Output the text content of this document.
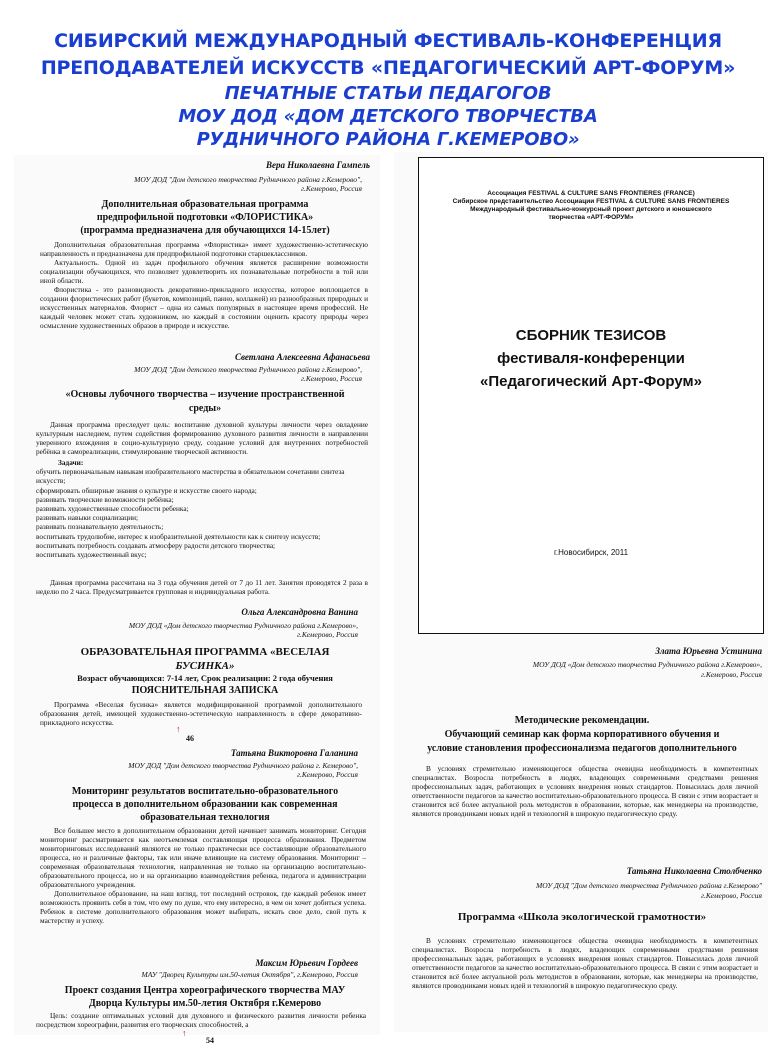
СИБИРСКИЙ МЕЖДУНАРОДНЫЙ ФЕСТИВАЛЬ-КОНФЕРЕНЦИЯ
ПРЕПОДАВАТЕЛЕЙ ИСКУССТВ «ПЕДАГОГИЧЕСКИЙ АРТ-ФОРУМ»
ПЕЧАТНЫЕ СТАТЬИ ПЕДАГОГОВ
МОУ ДОД «ДОМ ДЕТСКОГО ТВОРЧЕСТВА
РУДНИЧНОГО РАЙОНА Г.КЕМЕРОВО»
Вера Николаевна Гампель
МОУ ДОД "Дом детского творчества Рудничного района г.Кемерово",
г.Кемерово, Россия
Дополнительная образовательная программа
предпрофильной подготовки «ФЛОРИСТИКА»
(программа предназначена для обучающихся 14-15лет)

Дополнительная образовательная программа «Флористика» имеет художественно-эстетическую направленность и предназначена для предпрофильной подготовки старшеклассников.

Актуальность. Одной из задач профильного обучения является расширение возможности социализации обучающихся, что позволяет удовлетворить их познавательные потребности в той или иной области.

Флористика - это разновидность декоративно-прикладного искусства, которое воплощается в создании флористических работ (букетов, композиций, панно, коллажей) из разнообразных природных и искусственных материалов. Флорист – одна из самых популярных в настоящее время профессий. Не каждый человек может стать художником, но каждый в состоянии оценить красоту природы через осмысление художественных образов в природе и искусстве.

Светлана Алексеевна Афанасьева
МОУ ДОД "Дом детского творчества Рудничного района г.Кемерово",
г.Кемерово, Россия
«Основы лубочного творчества – изучение пространственной
среды»

Данная программа преследует цель: воспитание духовной культуры личности через овладение культурным наследием, путем содействия формированию духовного развития личности в направлении уверенного вхождения в социо-культурную среду, создание условий для внутренних потребностей ребёнка в самореализации, стимулирование творческой активности.

Задачи:
обучить первоначальным навыкам изобразительного мастерства в обязательном сочетании синтеза искусств;
сформировать обширные знания о культуре и искусстве своего народа;
развивать творческие возможности ребёнка;
развивать художественные способности ребенка;
развивать навыки социализации;
развивать познавательную деятельность;
воспитывать трудолюбие, интерес к изобразительной деятельности как к синтезу искусств;
воспитывать потребность создавать атмосферу радости детского творчества;
воспитывать художественный вкус;

Данная программа рассчитана на 3 года обучения детей от 7 до 11 лет. Занятия проводятся 2 раза в неделю по 2 часа. Предусматривается групповая и индивидуальная работа.

Ольга Александровна Ванина
МОУ ДОД «Дом детского творчества Рудничного района г.Кемерово»,
г.Кемерово, Россия
ОБРАЗОВАТЕЛЬНАЯ ПРОГРАММА «ВЕСЕЛАЯ
БУСИНКА»
Возраст обучающихся: 7-14 лет, Срок реализации: 2 года обучения
ПОЯСНИТЕЛЬНАЯ ЗАПИСКА

Программа «Веселая бусинка» является модифицированной программой дополнительного образования детей, имеющей художественно-эстетическую направленность в сфере декоративно-прикладного искусства.

↑
46
Татьяна Викторовна Галанина
МОУ ДОД "Дом детского творчества Рудничного района г. Кемерово",
г.Кемерово, Россия
Мониторинг результатов воспитательно-образовательного
процесса в дополнительном образовании как современная
образовательная технология

Все большее место в дополнительном образовании детей начинает занимать мониторинг. Сегодня мониторинг рассматривается как неотъемлемая составляющая процесса образования. Предметом мониторинговых исследований являются не только практически все составляющие образовательного процесса, но и различные факторы, так или иначе влияющие на систему образования. Мониторинг – современная образовательная технология, направленная не только на организацию воспитательно-образовательного процесса, но и на организацию взаимодействия ребенка, педагога и администрации образовательного учреждения.

Дополнительное образование, на наш взгляд, тот последний островок, где каждый ребенок имеет возможность проявить себя в том, что ему по душе, что ему интересно, в чем он хочет добиться успеха. Ребенок в системе дополнительного образования может выбирать, искать свое дело, свой путь к мастерству и успеху.

Максим Юрьевич Гордеев
МАУ "Дворец Культуры им.50-летия Октября", г.Кемерово, Россия
Проект создания Центра хореографического творчества МАУ
Дворца Культуры им.50-летия Октября г.Кемерово

Цель: создание оптимальных условий для духовного и физического развития личности ребенка посредством хореографии, развития его творческих способностей, а

↑
54
Ассоциация FESTIVAL & CULTURE SANS FRONTIERES (FRANCE)
Сибирское представительство Ассоциации FESTIVAL & CULTURE SANS FRONTIERES
Международный фестивально-конкурсный проект детского и юношеского
творчества «АРТ-ФОРУМ»
СБОРНИК ТЕЗИСОВ
фестиваля-конференции
«Педагогический Арт-Форум»
г.Новосибирск, 2011
Злата Юрьевна Устинина
МОУ ДОД «Дом детского творчества Рудничного района г.Кемерово»,
г.Кемерово, Россия
Методические рекомендации.
Обучающий семинар как форма корпоративного обучения и
условие становления профессионализма педагогов дополнительного

В условиях стремительно изменяющегося общества очевидна необходимость в компетентных специалистах. Возросла потребность в людях, владеющих современными средствами решения профессиональных задач, работающих в условиях внедрения новых стандартов. Повысилась доля личной ответственности педагогов за качество воспитательно-образовательного процесса. В связи с этим возрастает и становится всё более актуальной роль методистов в образовании, которые, как менеджеры на производстве, являются проводниками новых идей и технологий в широкую педагогическую среду.

Татьяна Николаевна Столбченко
МОУ ДОД "Дом детского творчества Рудничного района г.Кемерово"
г.Кемерово, Россия
Программа «Школа экологической грамотности»

В условиях стремительно изменяющегося общества очевидна необходимость в компетентных специалистах. Возросла потребность в людях, владеющих современными средствами решения профессиональных задач, работающих в условиях внедрения новых стандартов. Повысилась доля личной ответственности педагогов за качество воспитательно-образовательного процесса. В связи с этим возрастает и становится всё более актуальной роль методистов в образовании, которые, как менеджеры на производстве, являются проводниками новых идей и технологий в широкую педагогическую среду.
